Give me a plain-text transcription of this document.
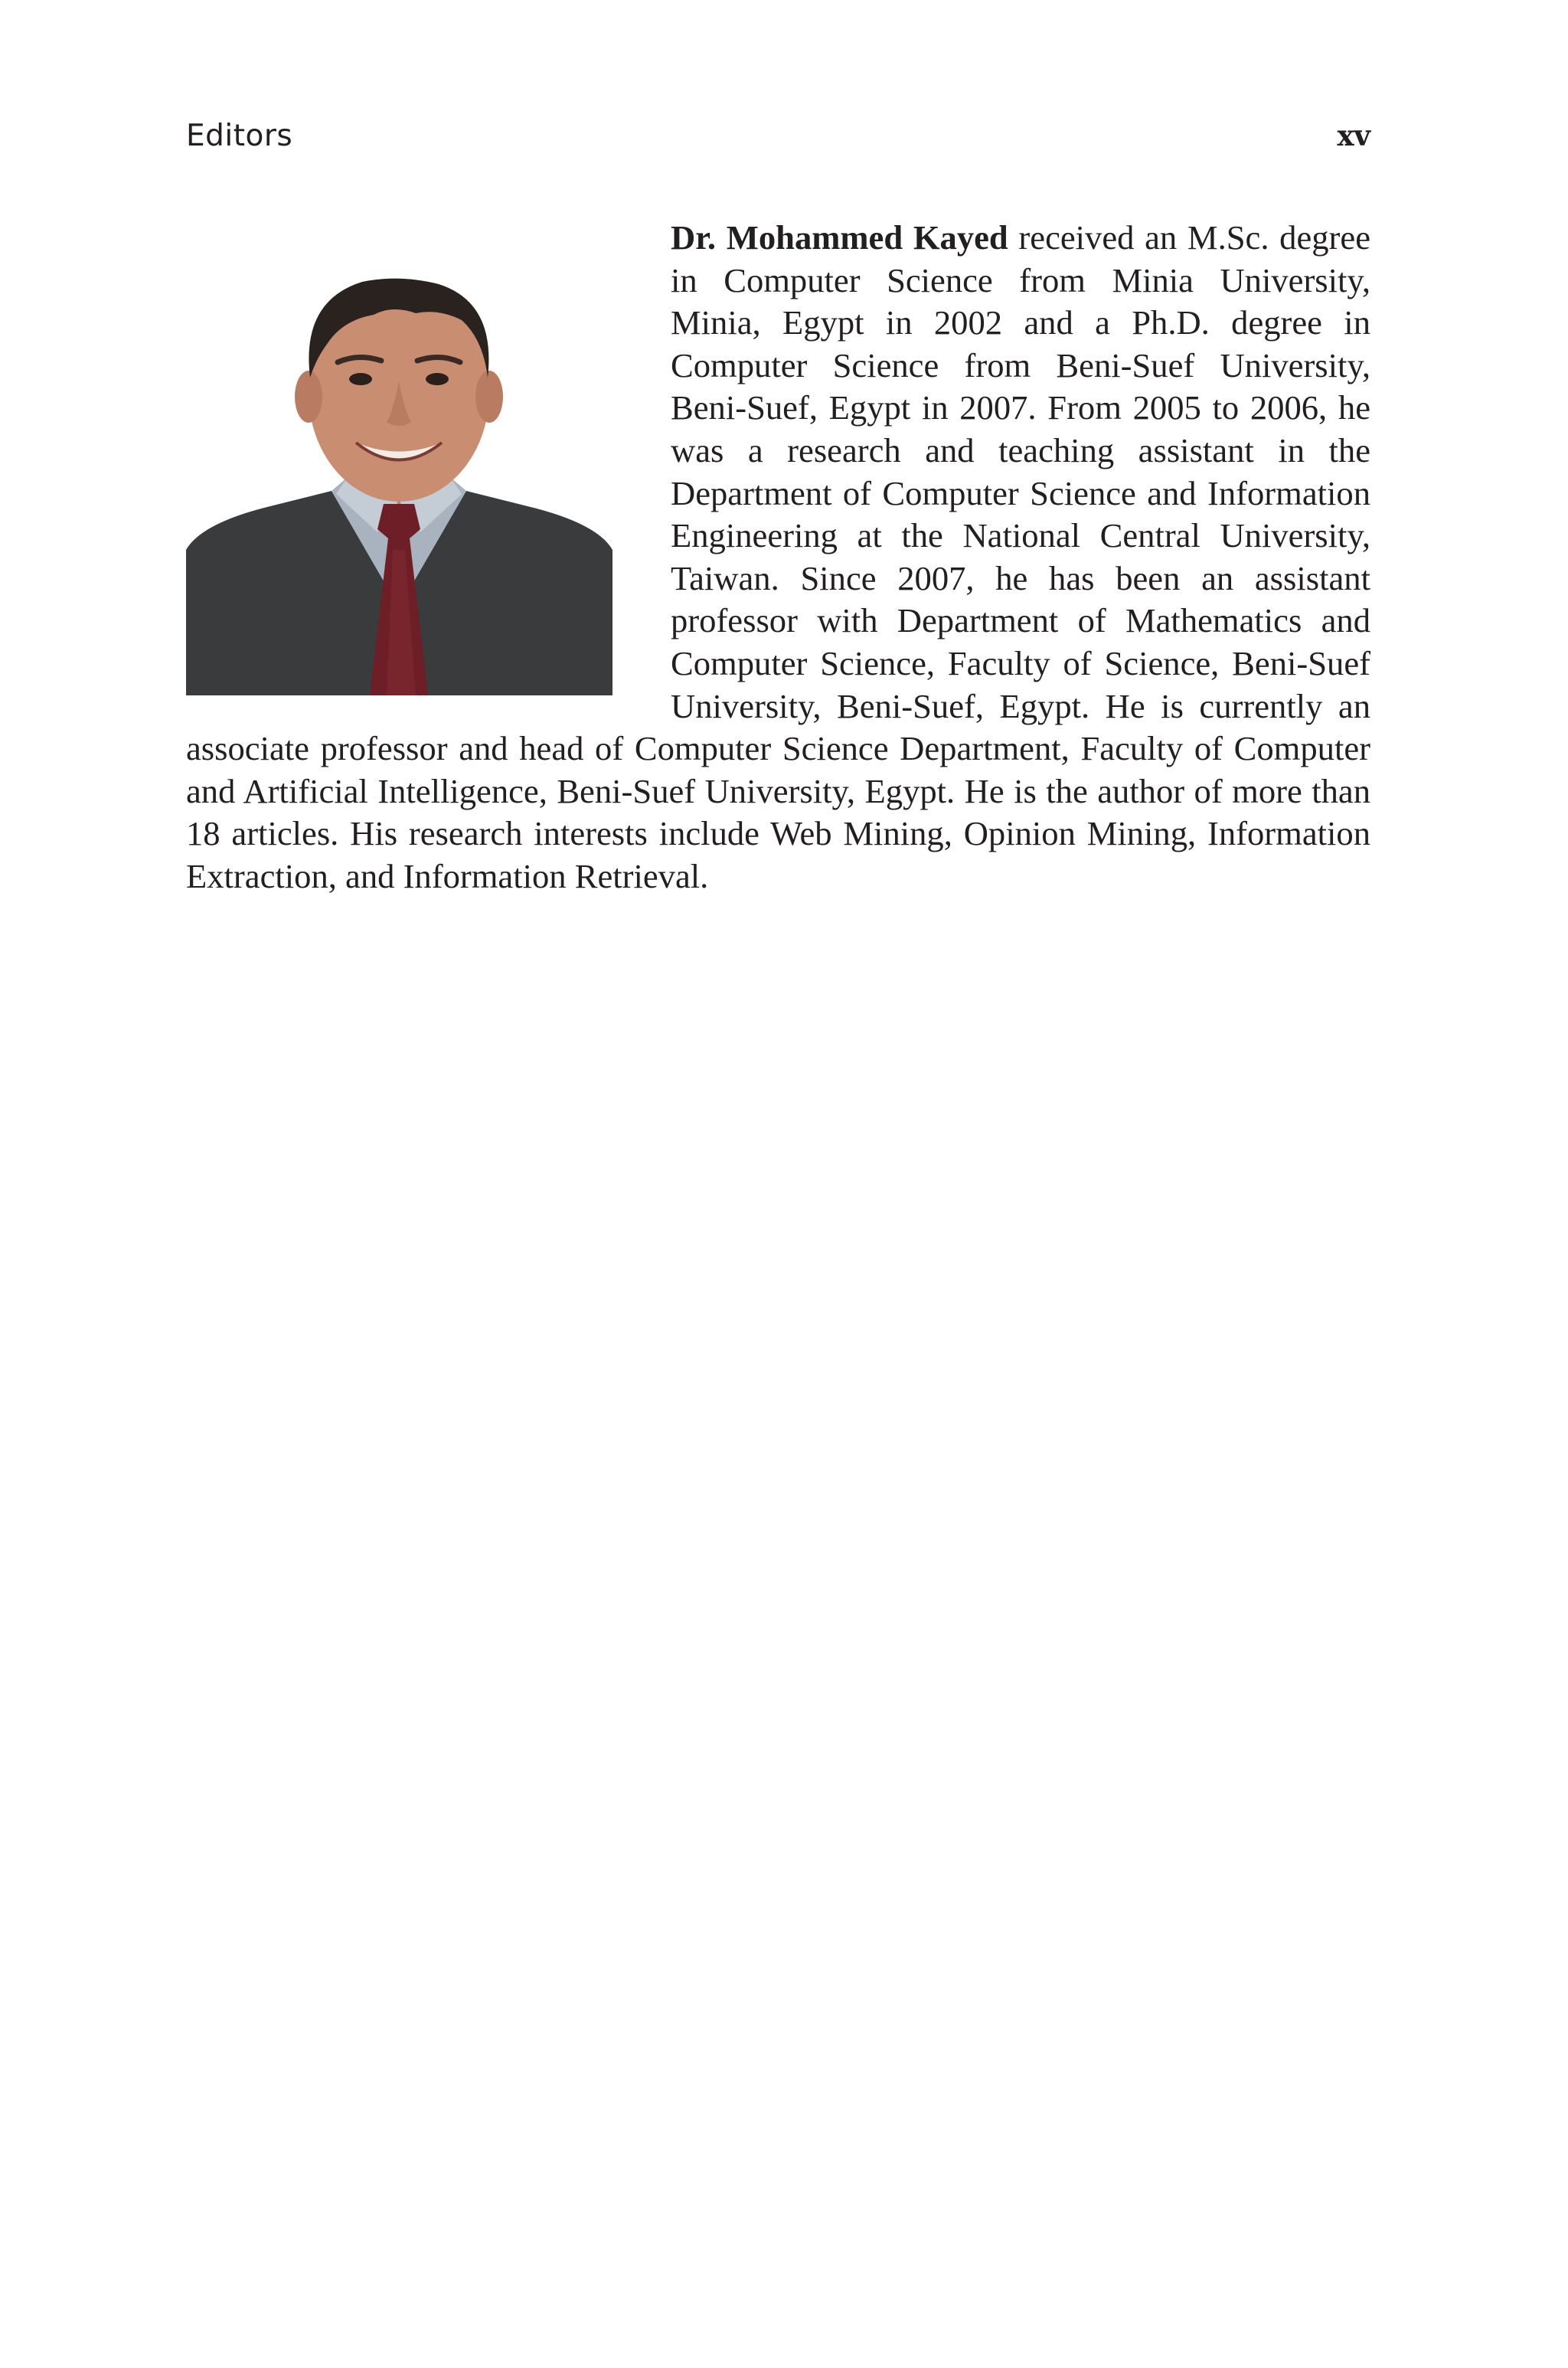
Editors	xv

Dr. Mohammed Kayed received an M.Sc. degree in Computer Science from Minia University, Minia, Egypt in 2002 and a Ph.D. degree in Computer Science from Beni-Suef University, Beni-Suef, Egypt in 2007. From 2005 to 2006, he was a research and teaching assistant in the Department of Computer Science and Information Engineering at the National Central University, Taiwan. Since 2007, he has been an assistant professor with Department of Mathematics and Computer Science, Faculty of Science, Beni-Suef University, Beni-Suef, Egypt. He is currently an associate professor and head of Computer Science Department, Faculty of Computer and Artificial Intelligence, Beni-Suef University, Egypt. He is the author of more than 18 articles. His research interests include Web Mining, Opinion Mining, Information Extraction, and Information Retrieval.
